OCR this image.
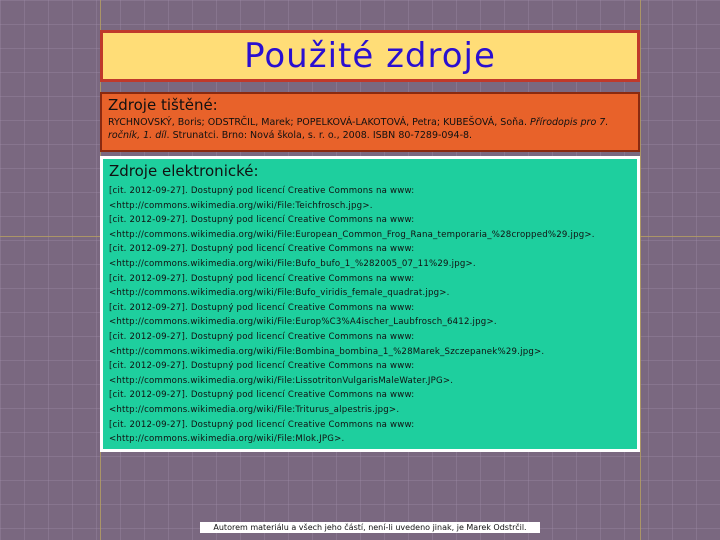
Použité zdroje
Zdroje tištěné:
RYCHNOVSKÝ, Boris; ODSTRČIL, Marek; POPELKOVÁ-LAKOTOVÁ, Petra; KUBEŠOVÁ, Soňa. Přírodopis pro 7.
ročník, 1. díl. Strunatci. Brno: Nová škola, s. r. o., 2008. ISBN 80-7289-094-8.
Zdroje elektronické:
[cit. 2012-09-27]. Dostupný pod licencí Creative Commons na www:
<http://commons.wikimedia.org/wiki/File:Teichfrosch.jpg>.
[cit. 2012-09-27]. Dostupný pod licencí Creative Commons na www:
<http://commons.wikimedia.org/wiki/File:European_Common_Frog_Rana_temporaria_%28cropped%29.jpg>.
[cit. 2012-09-27]. Dostupný pod licencí Creative Commons na www:
<http://commons.wikimedia.org/wiki/File:Bufo_bufo_1_%282005_07_11%29.jpg>.
[cit. 2012-09-27]. Dostupný pod licencí Creative Commons na www:
<http://commons.wikimedia.org/wiki/File:Bufo_viridis_female_quadrat.jpg>.
[cit. 2012-09-27]. Dostupný pod licencí Creative Commons na www:
<http://commons.wikimedia.org/wiki/File:Europ%C3%A4ischer_Laubfrosch_6412.jpg>.
[cit. 2012-09-27]. Dostupný pod licencí Creative Commons na www:
<http://commons.wikimedia.org/wiki/File:Bombina_bombina_1_%28Marek_Szczepanek%29.jpg>.
[cit. 2012-09-27]. Dostupný pod licencí Creative Commons na www:
<http://commons.wikimedia.org/wiki/File:LissotritonVulgarisMaleWater.JPG>.
[cit. 2012-09-27]. Dostupný pod licencí Creative Commons na www:
<http://commons.wikimedia.org/wiki/File:Triturus_alpestris.jpg>.
[cit. 2012-09-27]. Dostupný pod licencí Creative Commons na www:
<http://commons.wikimedia.org/wiki/File:Mlok.JPG>.
Autorem materiálu a všech jeho částí, není-li uvedeno jinak, je Marek Odstrčil.
